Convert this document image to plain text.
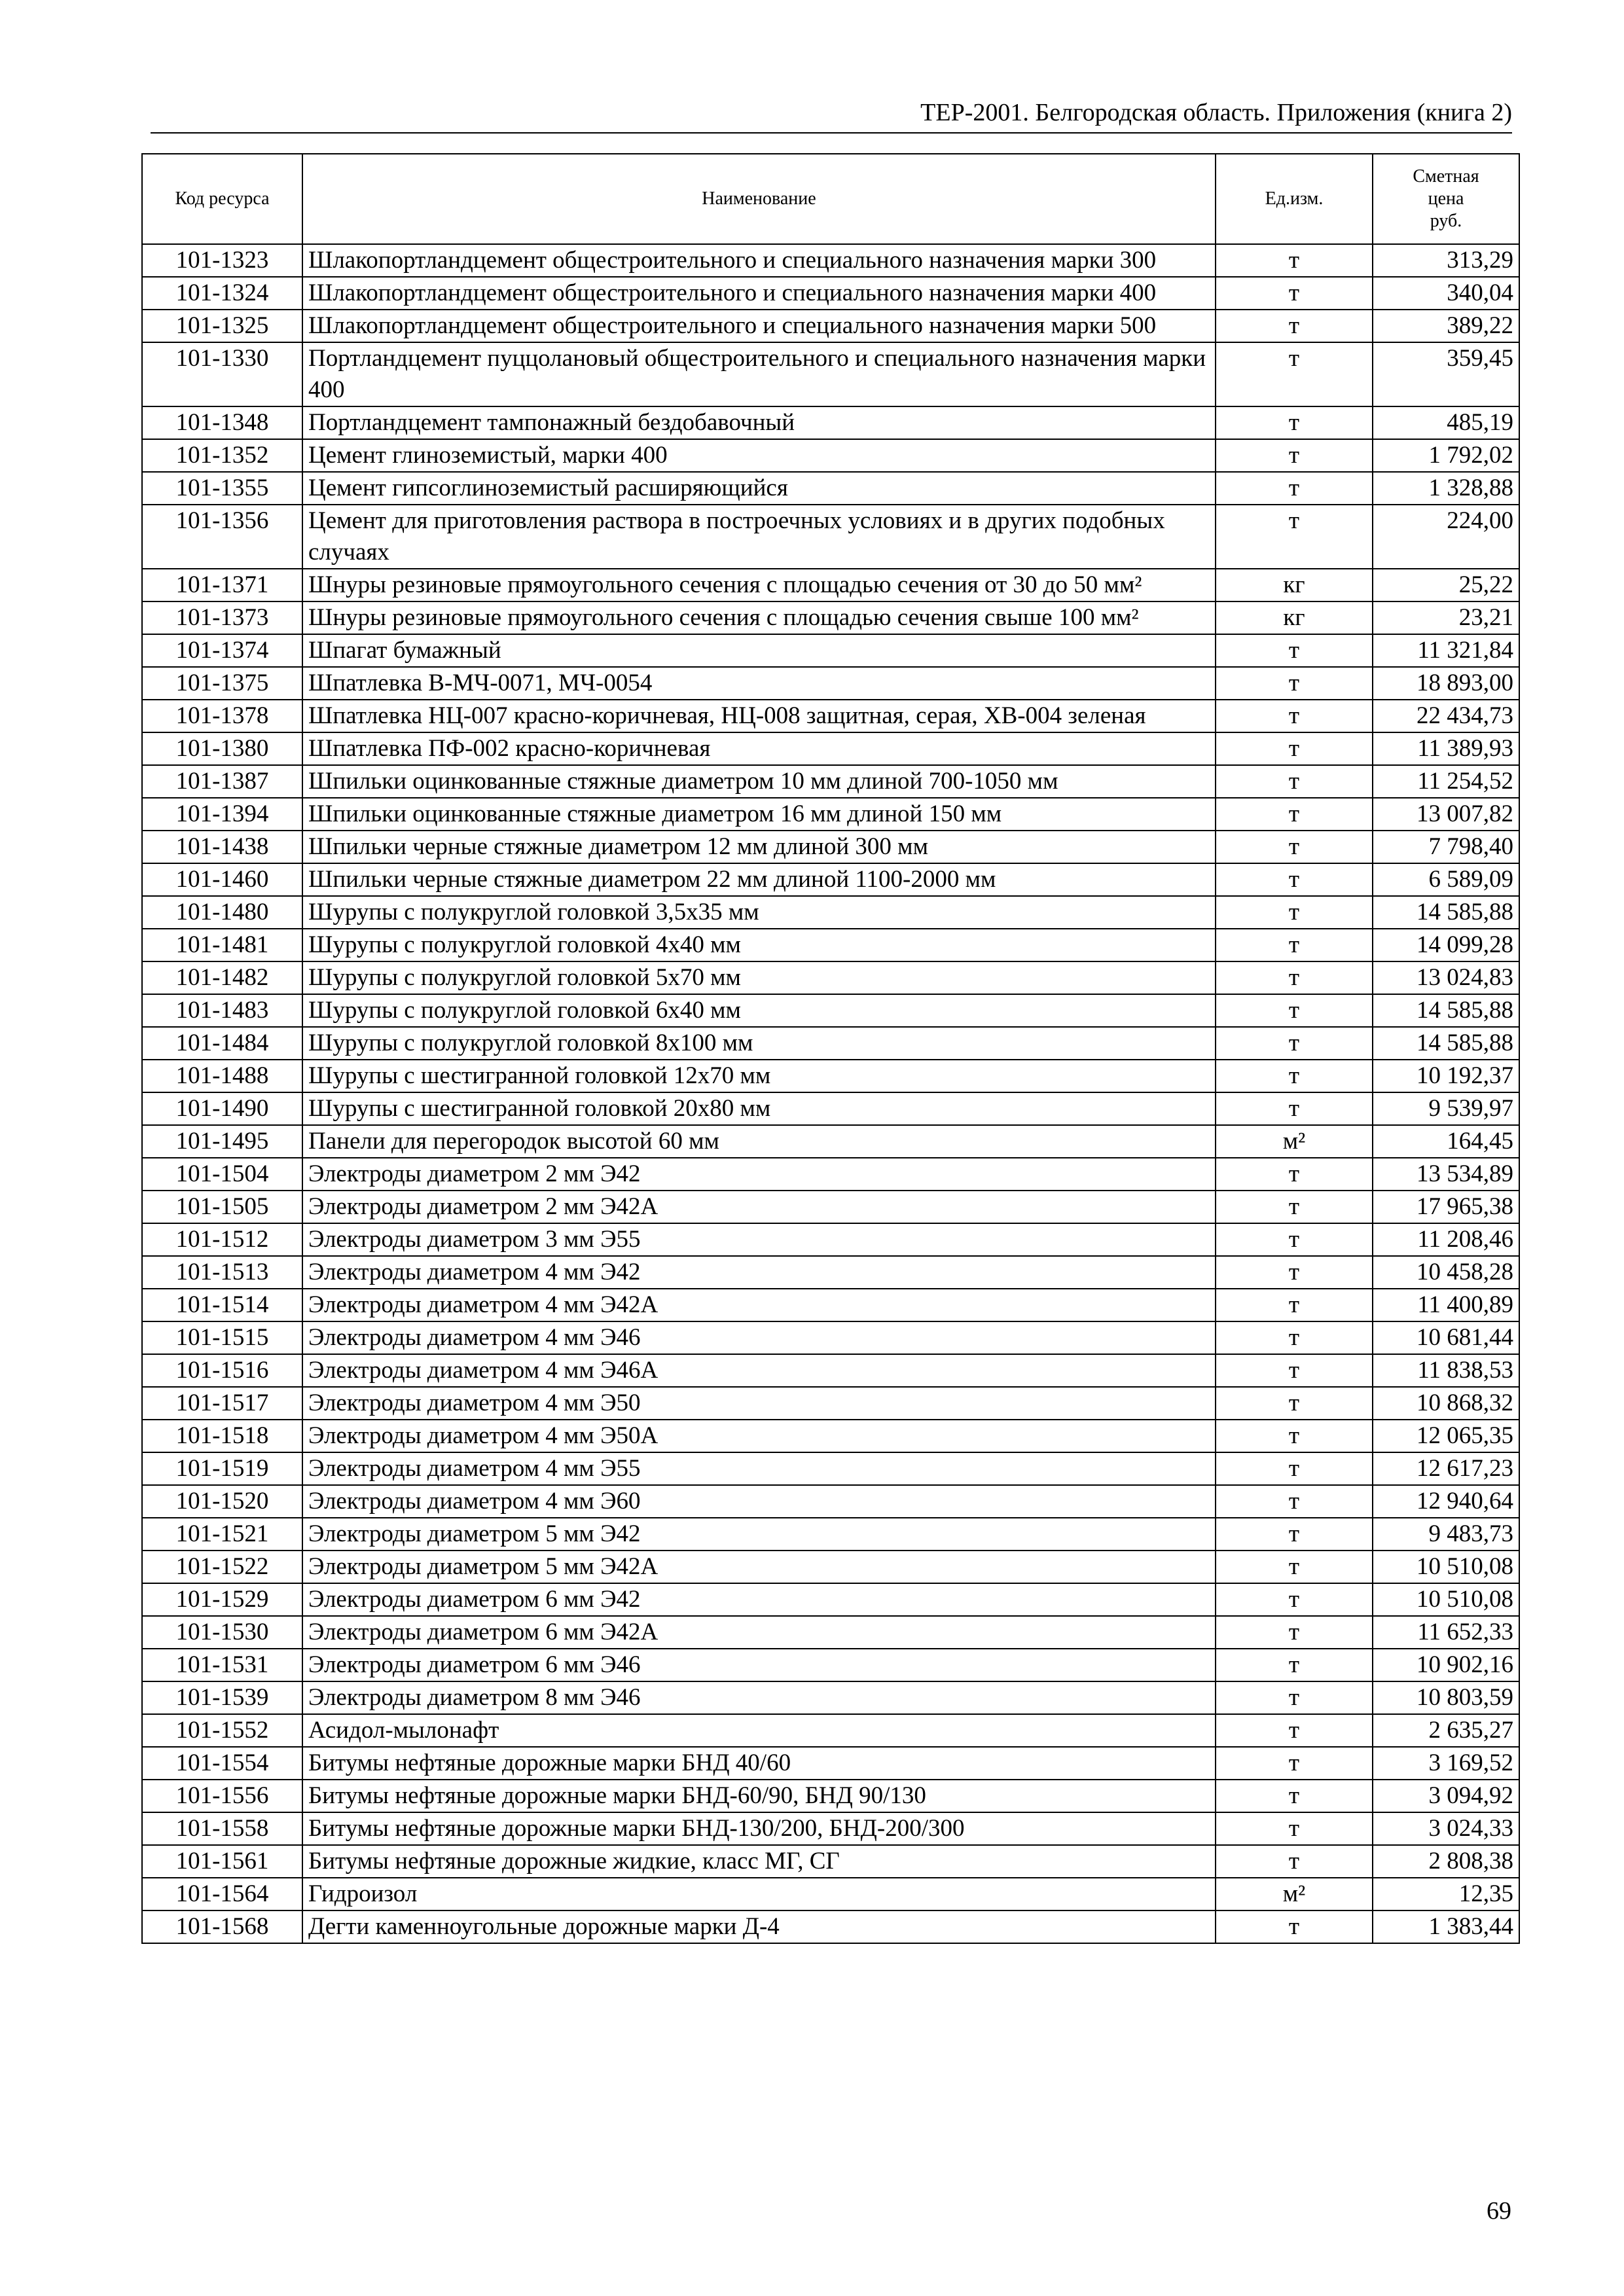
ТЕР-2001. Белгородская область. Приложения (книга 2)
Код ресурса	Наименование	Ед.изм.	Сметная
цена
руб.

101-1323	Шлакопортландцемент общестроительного и специального назначения марки 300	т	313,29
101-1324	Шлакопортландцемент общестроительного и специального назначения марки 400	т	340,04
101-1325	Шлакопортландцемент общестроительного и специального назначения марки 500	т	389,22
101-1330	Портландцемент пуццолановый общестроительного и специального назначения марки 400	т	359,45
101-1348	Портландцемент тампонажный бездобавочный	т	485,19
101-1352	Цемент глиноземистый, марки 400	т	1 792,02
101-1355	Цемент гипсоглиноземистый расширяющийся	т	1 328,88
101-1356	Цемент для приготовления раствора в построечных условиях и в других подобных случаях	т	224,00
101-1371	Шнуры резиновые прямоугольного сечения с площадью сечения от 30 до 50 мм²	кг	25,22
101-1373	Шнуры резиновые прямоугольного сечения с площадью сечения свыше 100 мм²	кг	23,21
101-1374	Шпагат бумажный	т	11 321,84
101-1375	Шпатлевка В-МЧ-0071, МЧ-0054	т	18 893,00
101-1378	Шпатлевка НЦ-007 красно-коричневая, НЦ-008 защитная, серая, ХВ-004 зеленая	т	22 434,73
101-1380	Шпатлевка ПФ-002 красно-коричневая	т	11 389,93
101-1387	Шпильки оцинкованные стяжные диаметром 10 мм длиной 700-1050 мм	т	11 254,52
101-1394	Шпильки оцинкованные стяжные диаметром 16 мм длиной 150 мм	т	13 007,82
101-1438	Шпильки черные стяжные диаметром 12 мм длиной 300 мм	т	7 798,40
101-1460	Шпильки черные стяжные диаметром 22 мм длиной 1100-2000 мм	т	6 589,09
101-1480	Шурупы с полукруглой головкой 3,5х35 мм	т	14 585,88
101-1481	Шурупы с полукруглой головкой 4х40 мм	т	14 099,28
101-1482	Шурупы с полукруглой головкой 5х70 мм	т	13 024,83
101-1483	Шурупы с полукруглой головкой 6х40 мм	т	14 585,88
101-1484	Шурупы с полукруглой головкой 8х100 мм	т	14 585,88
101-1488	Шурупы с шестигранной головкой 12х70 мм	т	10 192,37
101-1490	Шурупы с шестигранной головкой 20х80 мм	т	9 539,97
101-1495	Панели для перегородок высотой 60 мм	м²	164,45
101-1504	Электроды диаметром 2 мм Э42	т	13 534,89
101-1505	Электроды диаметром 2 мм Э42А	т	17 965,38
101-1512	Электроды диаметром 3 мм Э55	т	11 208,46
101-1513	Электроды диаметром 4 мм Э42	т	10 458,28
101-1514	Электроды диаметром 4 мм Э42А	т	11 400,89
101-1515	Электроды диаметром 4 мм Э46	т	10 681,44
101-1516	Электроды диаметром 4 мм Э46А	т	11 838,53
101-1517	Электроды диаметром 4 мм Э50	т	10 868,32
101-1518	Электроды диаметром 4 мм Э50А	т	12 065,35
101-1519	Электроды диаметром 4 мм Э55	т	12 617,23
101-1520	Электроды диаметром 4 мм Э60	т	12 940,64
101-1521	Электроды диаметром 5 мм Э42	т	9 483,73
101-1522	Электроды диаметром 5 мм Э42А	т	10 510,08
101-1529	Электроды диаметром 6 мм Э42	т	10 510,08
101-1530	Электроды диаметром 6 мм Э42А	т	11 652,33
101-1531	Электроды диаметром 6 мм Э46	т	10 902,16
101-1539	Электроды диаметром 8 мм Э46	т	10 803,59
101-1552	Асидол-мылонафт	т	2 635,27
101-1554	Битумы нефтяные дорожные марки БНД 40/60	т	3 169,52
101-1556	Битумы нефтяные дорожные марки БНД-60/90, БНД 90/130	т	3 094,92
101-1558	Битумы нефтяные дорожные марки БНД-130/200, БНД-200/300	т	3 024,33
101-1561	Битумы нефтяные дорожные жидкие, класс МГ, СГ	т	2 808,38
101-1564	Гидроизол	м²	12,35
101-1568	Дегти каменноугольные дорожные марки Д-4	т	1 383,44
69
